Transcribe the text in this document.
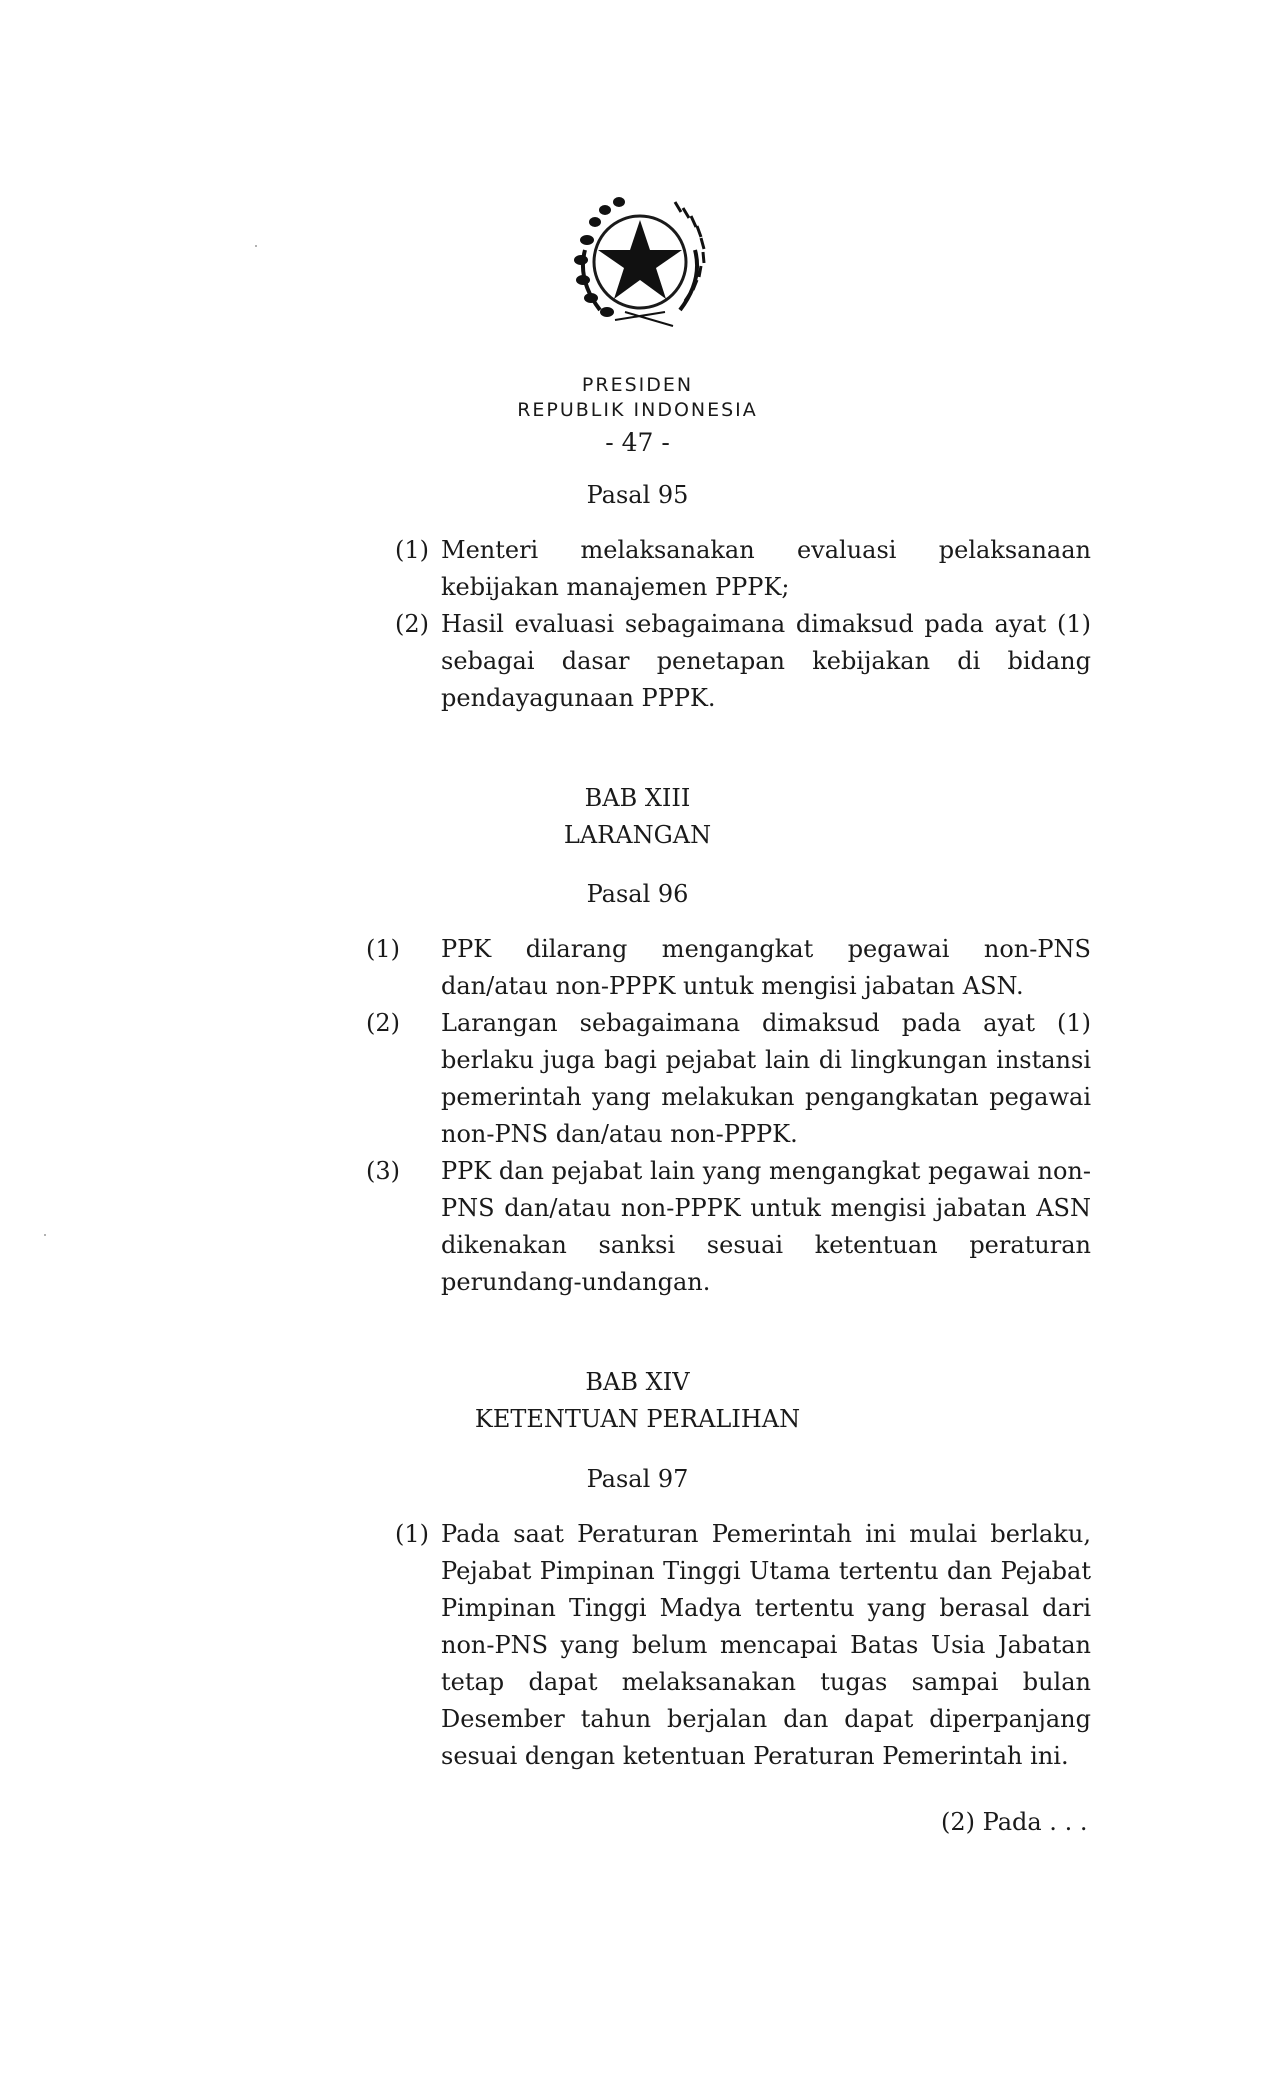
PRESIDEN
REPUBLIK INDONESIA
- 47 -
Pasal 95
(1) Menteri melaksanakan evaluasi pelaksanaan kebijakan manajemen PPPK;
(2) Hasil evaluasi sebagaimana dimaksud pada ayat (1) sebagai dasar penetapan kebijakan di bidang pendayagunaan PPPK.
BAB XIII
LARANGAN
Pasal 96
(1) PPK dilarang mengangkat pegawai non-PNS dan/atau non-PPPK untuk mengisi jabatan ASN.
(2) Larangan sebagaimana dimaksud pada ayat (1) berlaku juga bagi pejabat lain di lingkungan instansi pemerintah yang melakukan pengangkatan pegawai non-PNS dan/atau non-PPPK.
(3) PPK dan pejabat lain yang mengangkat pegawai non-PNS dan/atau non-PPPK untuk mengisi jabatan ASN dikenakan sanksi sesuai ketentuan peraturan perundang-undangan.
BAB XIV
KETENTUAN PERALIHAN
Pasal 97
(1) Pada saat Peraturan Pemerintah ini mulai berlaku, Pejabat Pimpinan Tinggi Utama tertentu dan Pejabat Pimpinan Tinggi Madya tertentu yang berasal dari non-PNS yang belum mencapai Batas Usia Jabatan tetap dapat melaksanakan tugas sampai bulan Desember tahun berjalan dan dapat diperpanjang sesuai dengan ketentuan Peraturan Pemerintah ini.
(2) Pada . . .
